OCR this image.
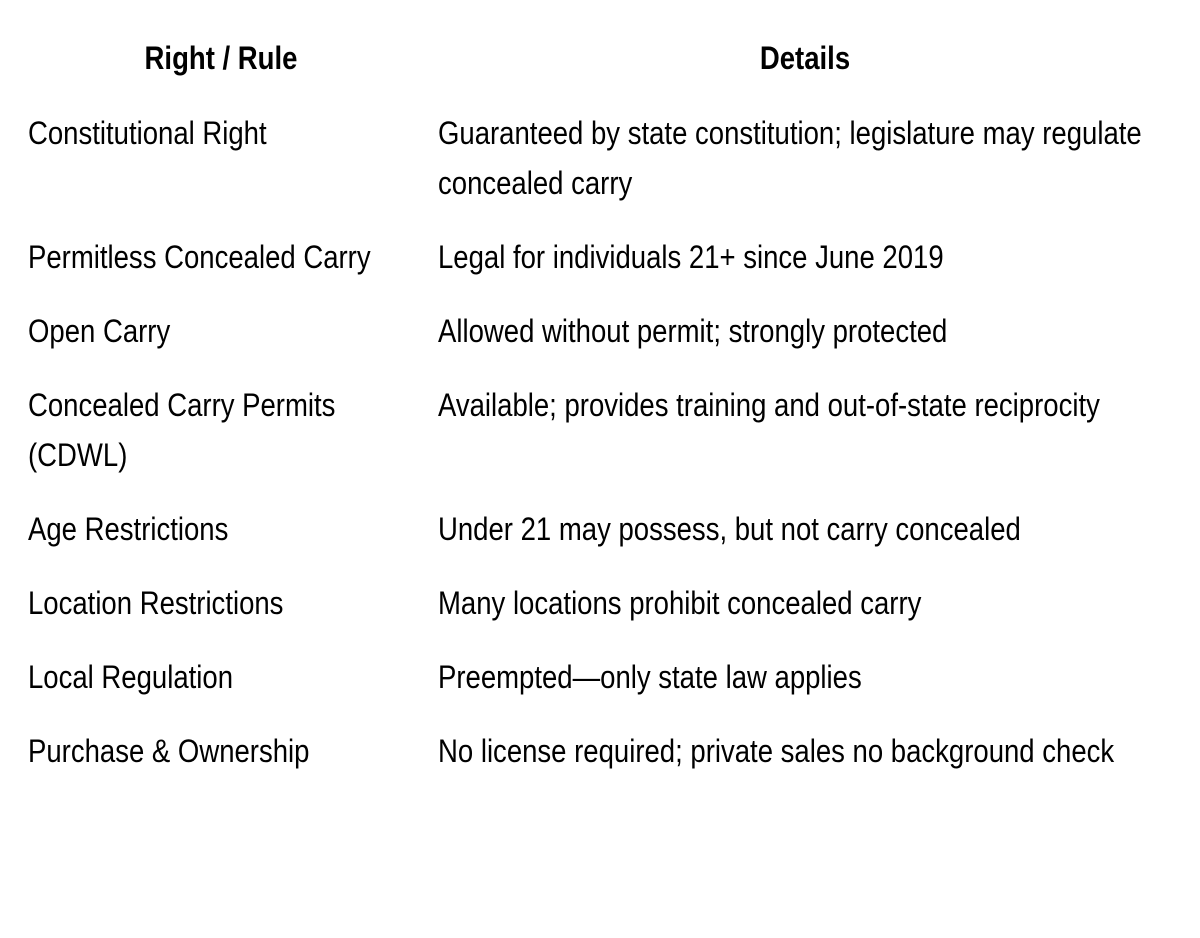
Right / Rule	Details
Constitutional Right	Guaranteed by state constitution; legislature may regulate concealed carry
Permitless Concealed Carry	Legal for individuals 21+ since June 2019
Open Carry	Allowed without permit; strongly protected
Concealed Carry Permits (CDWL)	Available; provides training and out-of-state reciprocity
Age Restrictions	Under 21 may possess, but not carry concealed
Location Restrictions	Many locations prohibit concealed carry
Local Regulation	Preempted—only state law applies
Purchase & Ownership	No license required; private sales no background check
